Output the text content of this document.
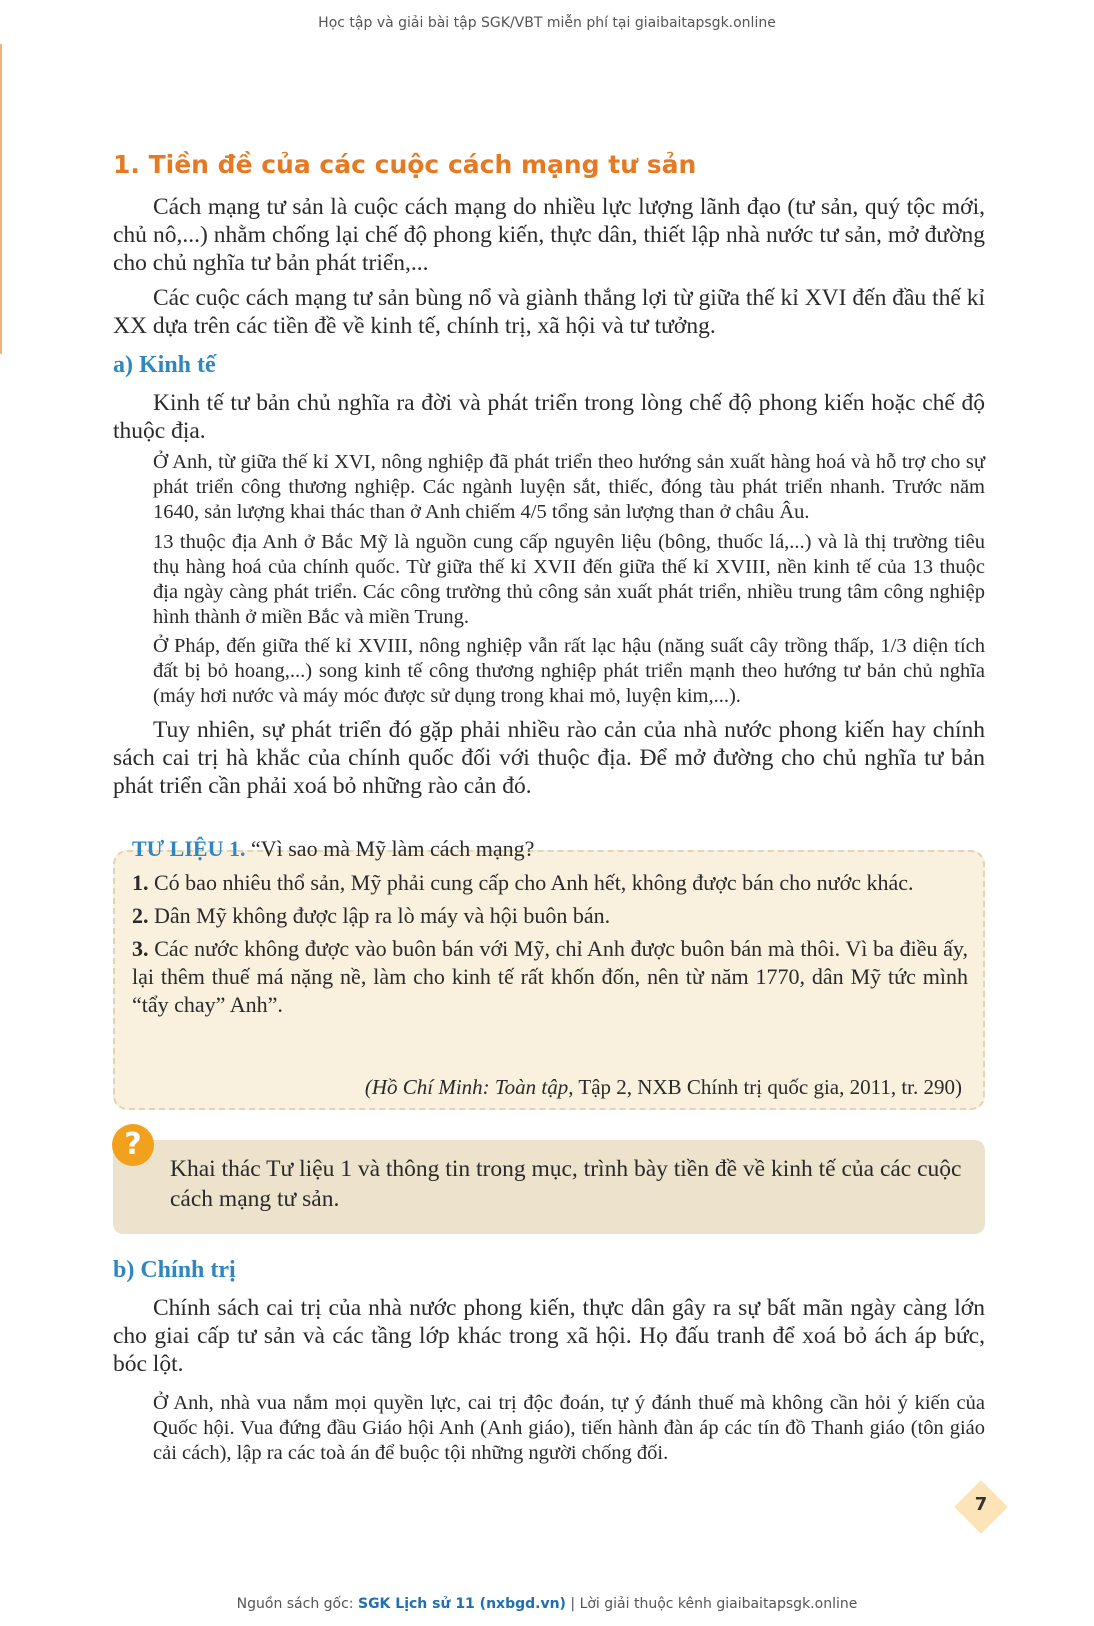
Học tập và giải bài tập SGK/VBT miễn phí tại giaibaitapsgk.online
1. Tiền đề của các cuộc cách mạng tư sản

Cách mạng tư sản là cuộc cách mạng do nhiều lực lượng lãnh đạo (tư sản, quý tộc mới, chủ nô,...) nhằm chống lại chế độ phong kiến, thực dân, thiết lập nhà nước tư sản, mở đường cho chủ nghĩa tư bản phát triển,...

Các cuộc cách mạng tư sản bùng nổ và giành thắng lợi từ giữa thế kỉ XVI đến đầu thế kỉ XX dựa trên các tiền đề về kinh tế, chính trị, xã hội và tư tưởng.

a) Kinh tế

Kinh tế tư bản chủ nghĩa ra đời và phát triển trong lòng chế độ phong kiến hoặc chế độ thuộc địa.

Ở Anh, từ giữa thế kỉ XVI, nông nghiệp đã phát triển theo hướng sản xuất hàng hoá và hỗ trợ cho sự phát triển công thương nghiệp. Các ngành luyện sắt, thiếc, đóng tàu phát triển nhanh. Trước năm 1640, sản lượng khai thác than ở Anh chiếm 4/5 tổng sản lượng than ở châu Âu.

13 thuộc địa Anh ở Bắc Mỹ là nguồn cung cấp nguyên liệu (bông, thuốc lá,...) và là thị trường tiêu thụ hàng hoá của chính quốc. Từ giữa thế kỉ XVII đến giữa thế kỉ XVIII, nền kinh tế của 13 thuộc địa ngày càng phát triển. Các công trường thủ công sản xuất phát triển, nhiều trung tâm công nghiệp hình thành ở miền Bắc và miền Trung.

Ở Pháp, đến giữa thế kỉ XVIII, nông nghiệp vẫn rất lạc hậu (năng suất cây trồng thấp, 1/3 diện tích đất bị bỏ hoang,...) song kinh tế công thương nghiệp phát triển mạnh theo hướng tư bản chủ nghĩa (máy hơi nước và máy móc được sử dụng trong khai mỏ, luyện kim,...).

Tuy nhiên, sự phát triển đó gặp phải nhiều rào cản của nhà nước phong kiến hay chính sách cai trị hà khắc của chính quốc đối với thuộc địa. Để mở đường cho chủ nghĩa tư bản phát triển cần phải xoá bỏ những rào cản đó.

TƯ LIỆU 1. “Vì sao mà Mỹ làm cách mạng?

1. Có bao nhiêu thổ sản, Mỹ phải cung cấp cho Anh hết, không được bán cho nước khác.

2. Dân Mỹ không được lập ra lò máy và hội buôn bán.

3. Các nước không được vào buôn bán với Mỹ, chỉ Anh được buôn bán mà thôi. Vì ba điều ấy, lại thêm thuế má nặng nề, làm cho kinh tế rất khốn đốn, nên từ năm 1770, dân Mỹ tức mình “tẩy chay” Anh”.

(Hồ Chí Minh: Toàn tập, Tập 2, NXB Chính trị quốc gia, 2011, tr. 290)

?

Khai thác Tư liệu 1 và thông tin trong mục, trình bày tiền đề về kinh tế của các cuộc cách mạng tư sản.

b) Chính trị

Chính sách cai trị của nhà nước phong kiến, thực dân gây ra sự bất mãn ngày càng lớn cho giai cấp tư sản và các tầng lớp khác trong xã hội. Họ đấu tranh để xoá bỏ ách áp bức, bóc lột.

Ở Anh, nhà vua nắm mọi quyền lực, cai trị độc đoán, tự ý đánh thuế mà không cần hỏi ý kiến của Quốc hội. Vua đứng đầu Giáo hội Anh (Anh giáo), tiến hành đàn áp các tín đồ Thanh giáo (tôn giáo cải cách), lập ra các toà án để buộc tội những người chống đối.

7
Nguồn sách gốc: SGK Lịch sử 11 (nxbgd.vn) | Lời giải thuộc kênh giaibaitapsgk.online
